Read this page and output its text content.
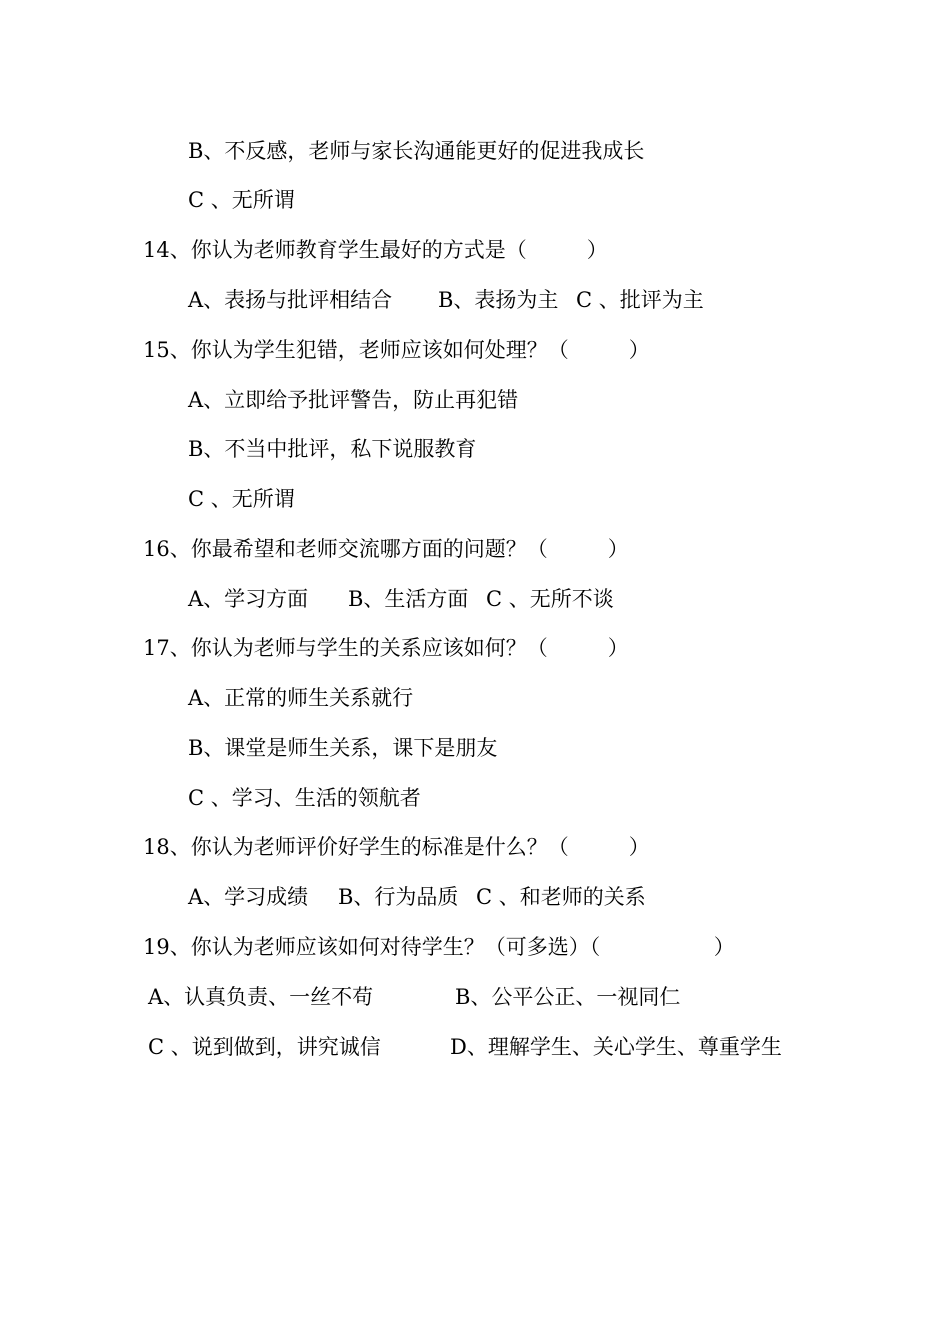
B、不反感，老师与家长沟通能更好的促进我成长
C 、无所谓
14、你认为老师教育学生最好的方式是（         ）

A、表扬与批评相结合

B、表扬为主

C 、批评为主

15、你认为学生犯错，老师应该如何处理？（         ）
A、立即给予批评警告，防止再犯错
B、不当中批评，私下说服教育
C 、无所谓
16、你最希望和老师交流哪方面的问题？（         ）

A、学习方面

B、生活方面

C 、无所不谈

17、你认为老师与学生的关系应该如何？（         ）
A、正常的师生关系就行
B、课堂是师生关系，课下是朋友
C 、学习、生活的领航者
18、你认为老师评价好学生的标准是什么？（         ）

A、学习成绩

B、行为品质

C 、和老师的关系

19、你认为老师应该如何对待学生？（可多选）（                 ）

A、认真负责、一丝不苟

	B、公平公正、一视同仁

C 、说到做到，讲究诚信

	D、理解学生、关心学生、尊重学生
